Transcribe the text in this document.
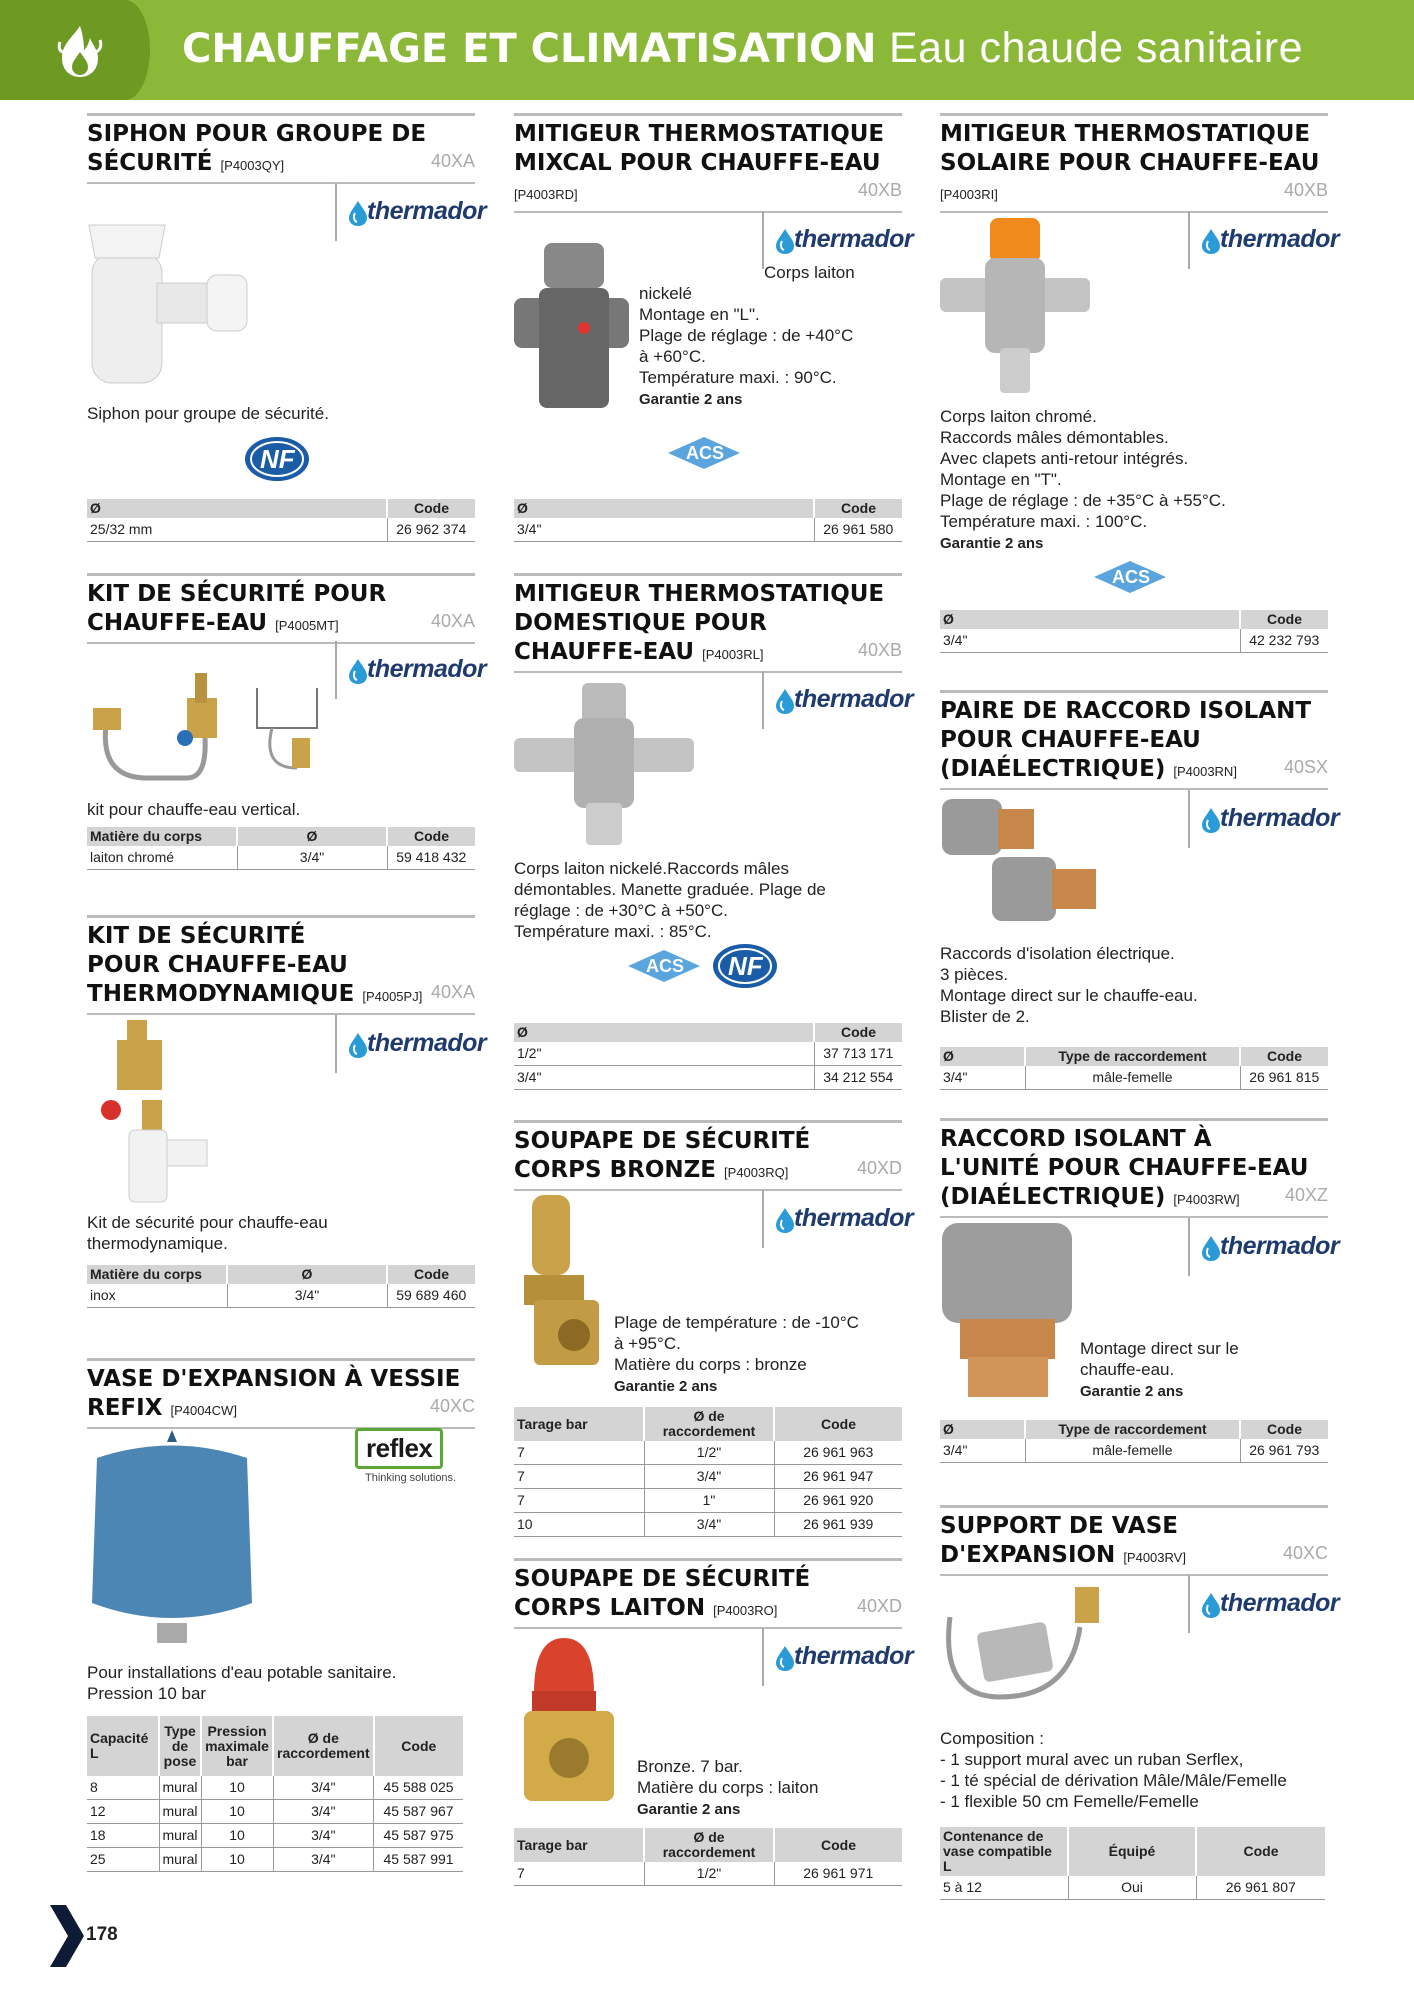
CHAUFFAGE ET CLIMATISATION Eau chaude sanitaire
SIPHON POUR GROUPE DE
SÉCURITÉ [P4003QY]	40XA
thermador
Siphon pour groupe de sécurité.
NF
Ø	Code
25/32 mm	26 962 374
KIT DE SÉCURITÉ POUR
CHAUFFE-EAU [P4005MT]	40XA
thermador
kit pour chauffe-eau vertical.
Matière du corps	Ø	Code
laiton chromé	3/4"	59 418 432
KIT DE SÉCURITÉ
POUR CHAUFFE-EAU
THERMODYNAMIQUE [P4005PJ] 40XA
thermador
Kit de sécurité pour chauffe-eau
thermodynamique.
Matière du corps	Ø	Code
inox	3/4"	59 689 460
VASE D'EXPANSION À VESSIE
REFIX [P4004CW]	40XC
reflex
Thinking solutions.
Pour installations d'eau potable sanitaire.
Pression 10 bar
Capacité L	Type de pose	Pression maximale bar	Ø de raccordement	Code
8	mural	10	3/4"	45 588 025
12	mural	10	3/4"	45 587 967
18	mural	10	3/4"	45 587 975
25	mural	10	3/4"	45 587 991
MITIGEUR THERMOSTATIQUE
MIXCAL POUR CHAUFFE-EAU
[P4003RD]	40XB
thermador
Corps laiton
nickelé
Montage en "L".
Plage de réglage : de +40°C
à +60°C.
Température maxi. : 90°C.
Garantie 2 ans
ACS
Ø	Code
3/4"	26 961 580
MITIGEUR THERMOSTATIQUE
DOMESTIQUE POUR
CHAUFFE-EAU [P4003RL]	40XB
thermador
Corps laiton nickelé.Raccords mâles
démontables. Manette graduée. Plage de
réglage : de +30°C à +50°C.
Température maxi. : 85°C.
ACS NF
Ø	Code
1/2"	37 713 171
3/4"	34 212 554
SOUPAPE DE SÉCURITÉ
CORPS BRONZE [P4003RQ]	40XD
thermador
Plage de température : de -10°C
à +95°C.
Matière du corps : bronze
Garantie 2 ans
Tarage bar	Ø de raccordement	Code
7	1/2"	26 961 963
7	3/4"	26 961 947
7	1"	26 961 920
10	3/4"	26 961 939
SOUPAPE DE SÉCURITÉ
CORPS LAITON [P4003RO]	40XD
thermador
Bronze. 7 bar.
Matière du corps : laiton
Garantie 2 ans
Tarage bar	Ø de raccordement	Code
7	1/2"	26 961 971
MITIGEUR THERMOSTATIQUE
SOLAIRE POUR CHAUFFE-EAU
[P4003RI]	40XB
thermador
Corps laiton chromé.
Raccords mâles démontables.
Avec clapets anti-retour intégrés.
Montage en "T".
Plage de réglage : de +35°C à +55°C.
Température maxi. : 100°C.
Garantie 2 ans
ACS
Ø	Code
3/4"	42 232 793
PAIRE DE RACCORD ISOLANT
POUR CHAUFFE-EAU
(DIAÉLECTRIQUE) [P4003RN]	40SX
thermador
Raccords d'isolation électrique.
3 pièces.
Montage direct sur le chauffe-eau.
Blister de 2.
Ø	Type de raccordement	Code
3/4"	mâle-femelle	26 961 815
RACCORD ISOLANT À
L'UNITÉ POUR CHAUFFE-EAU
(DIAÉLECTRIQUE) [P4003RW]	40XZ
thermador
Montage direct sur le
chauffe-eau.
Garantie 2 ans
Ø	Type de raccordement	Code
3/4"	mâle-femelle	26 961 793
SUPPORT DE VASE
D'EXPANSION [P4003RV]	40XC
thermador
Composition :
- 1 support mural avec un ruban Serflex,
- 1 té spécial de dérivation Mâle/Mâle/Femelle
- 1 flexible 50 cm Femelle/Femelle
Contenance de vase compatible L	Équipé	Code
5 à 12	Oui	26 961 807
178
